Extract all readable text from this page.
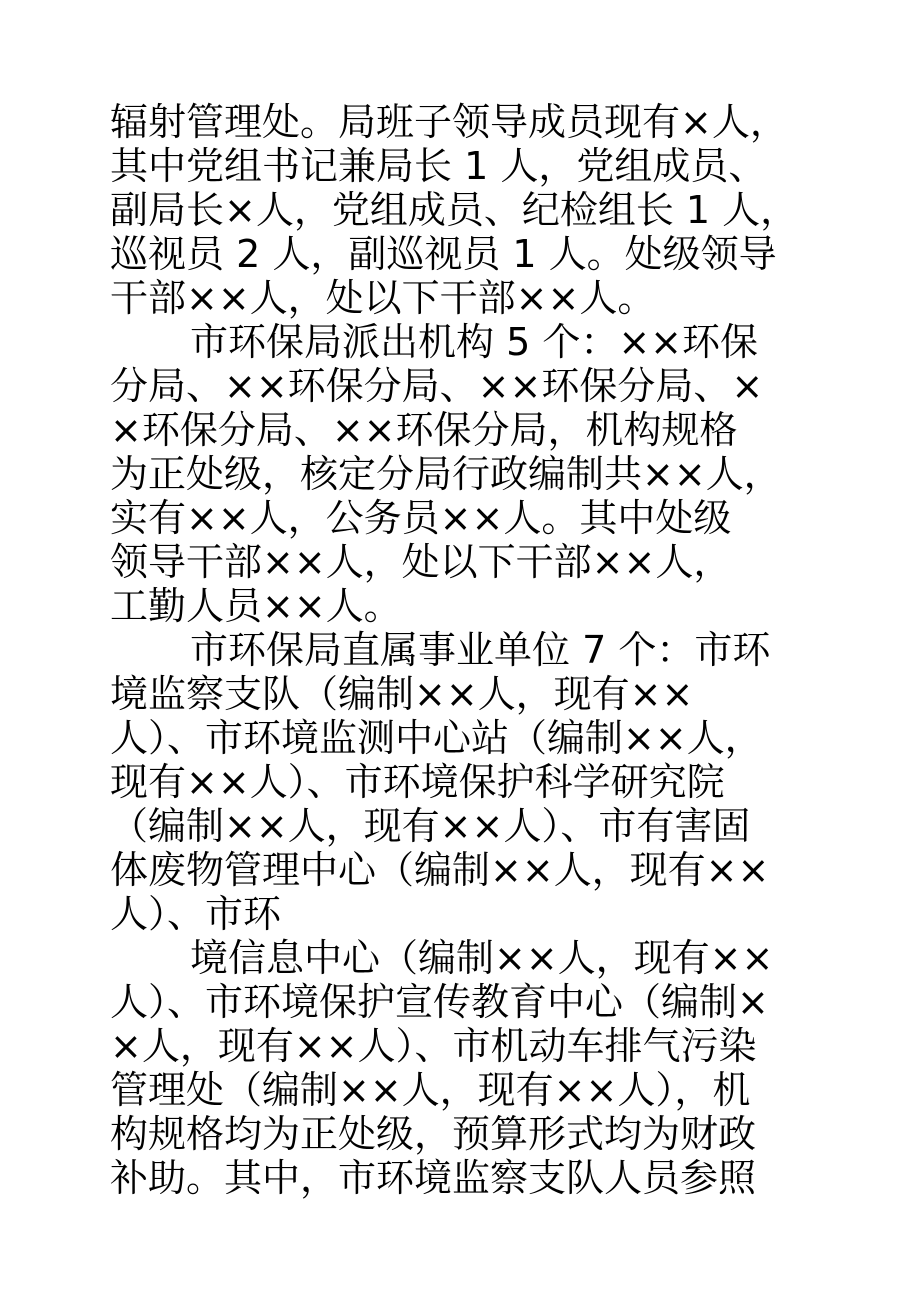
辐射管理处。局班子领导成员现有×人，
其中党组书记兼局长 1 人，党组成员、
副局长×人，党组成员、纪检组长 1 人，
巡视员 2 人，副巡视员 1 人。处级领导
干部××人，处以下干部××人。
市环保局派出机构 5 个：××环保
分局、××环保分局、××环保分局、×
×环保分局、××环保分局，机构规格
为正处级，核定分局行政编制共××人，
实有××人，公务员××人。其中处级
领导干部××人，处以下干部××人，
工勤人员××人。
市环保局直属事业单位 7 个：市环
境监察支队（编制××人，现有××
人）、市环境监测中心站（编制××人，
现有××人）、市环境保护科学研究院
（编制××人，现有××人）、市有害固
体废物管理中心（编制××人，现有××
人）、市环
境信息中心（编制××人，现有××
人）、市环境保护宣传教育中心（编制×
×人，现有××人）、市机动车排气污染
管理处（编制××人，现有××人），机
构规格均为正处级，预算形式均为财政
补助。其中，市环境监察支队人员参照
